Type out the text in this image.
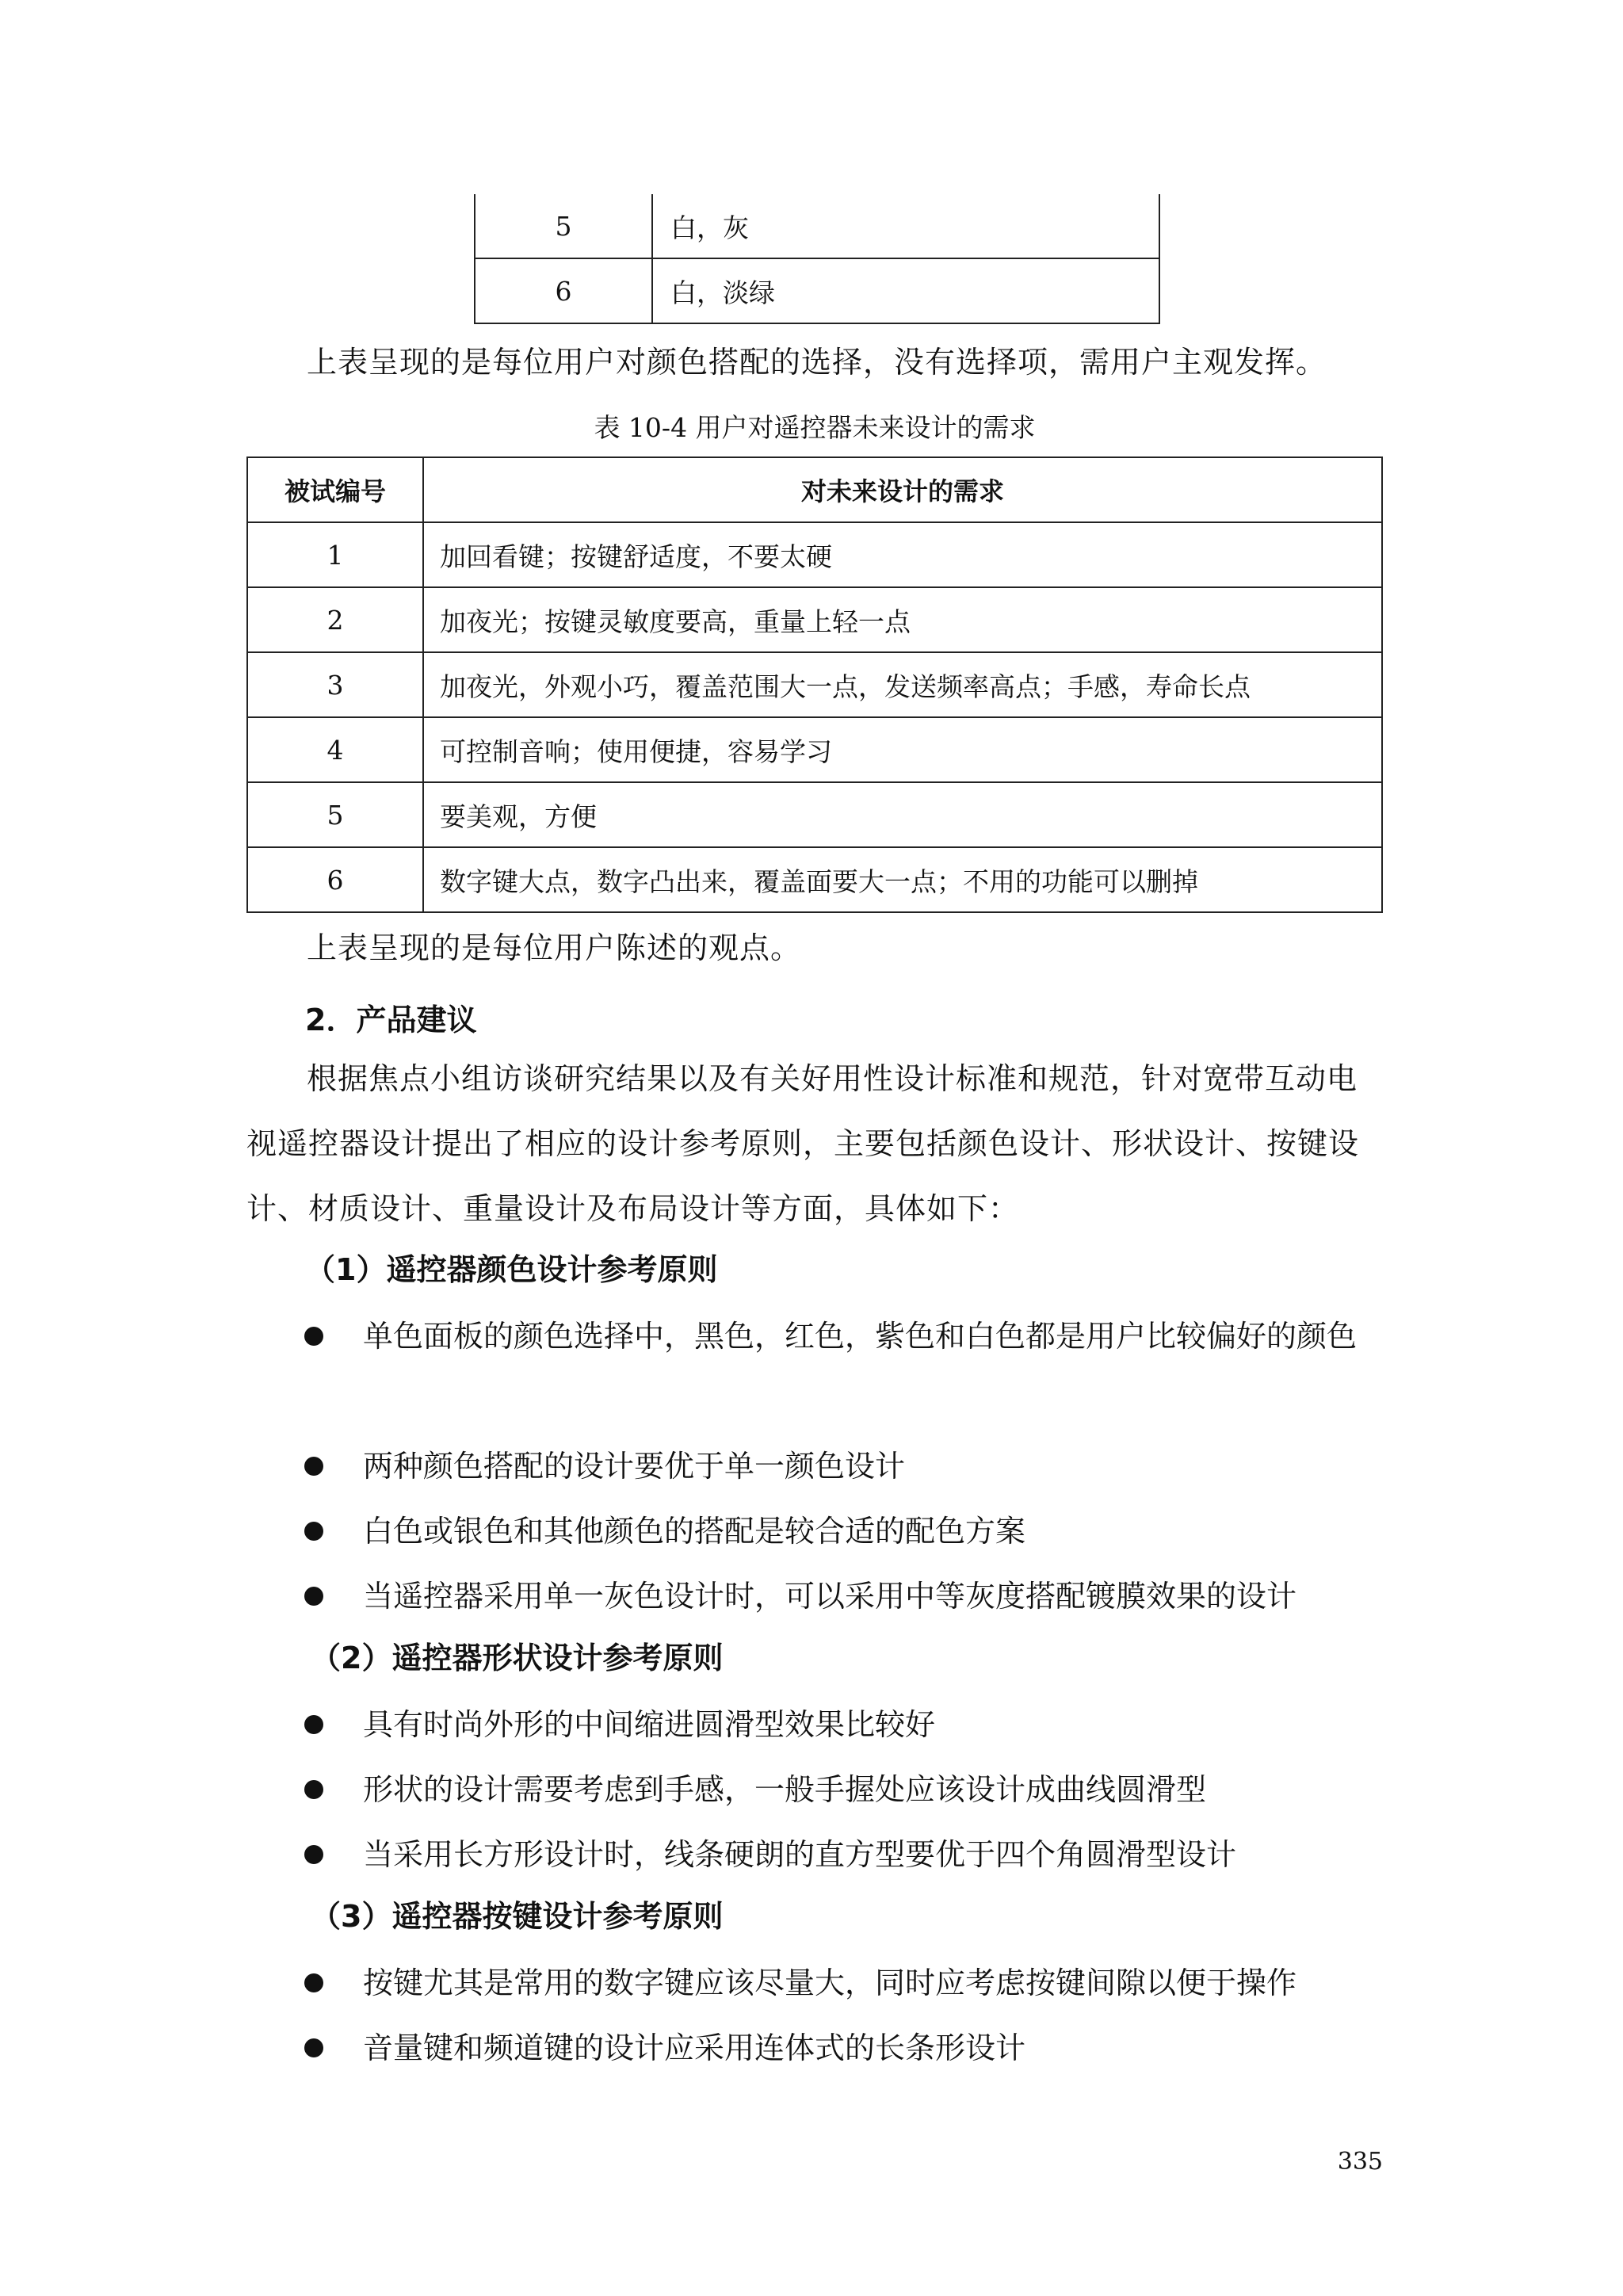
5	白，灰
6	白，淡绿
上表呈现的是每位用户对颜色搭配的选择，没有选择项，需用户主观发挥。
表 10-4 用户对遥控器未来设计的需求
被试编号	对未来设计的需求
1	加回看键；按键舒适度，不要太硬
2	加夜光；按键灵敏度要高，重量上轻一点
3	加夜光，外观小巧，覆盖范围大一点，发送频率高点；手感，寿命长点
4	可控制音响；使用便捷，容易学习
5	要美观，方便
6	数字键大点，数字凸出来，覆盖面要大一点；不用的功能可以删掉
上表呈现的是每位用户陈述的观点。
2．产品建议
根据焦点小组访谈研究结果以及有关好用性设计标准和规范，针对宽带互动电视遥控器设计提出了相应的设计参考原则，主要包括颜色设计、形状设计、按键设计、材质设计、重量设计及布局设计等方面，具体如下：
（1）遥控器颜色设计参考原则
单色面板的颜色选择中，黑色，红色，紫色和白色都是用户比较偏好的颜色
两种颜色搭配的设计要优于单一颜色设计
白色或银色和其他颜色的搭配是较合适的配色方案
当遥控器采用单一灰色设计时，可以采用中等灰度搭配镀膜效果的设计
（2）遥控器形状设计参考原则
具有时尚外形的中间缩进圆滑型效果比较好
形状的设计需要考虑到手感，一般手握处应该设计成曲线圆滑型
当采用长方形设计时，线条硬朗的直方型要优于四个角圆滑型设计
（3）遥控器按键设计参考原则
按键尤其是常用的数字键应该尽量大，同时应考虑按键间隙以便于操作
音量键和频道键的设计应采用连体式的长条形设计
335
